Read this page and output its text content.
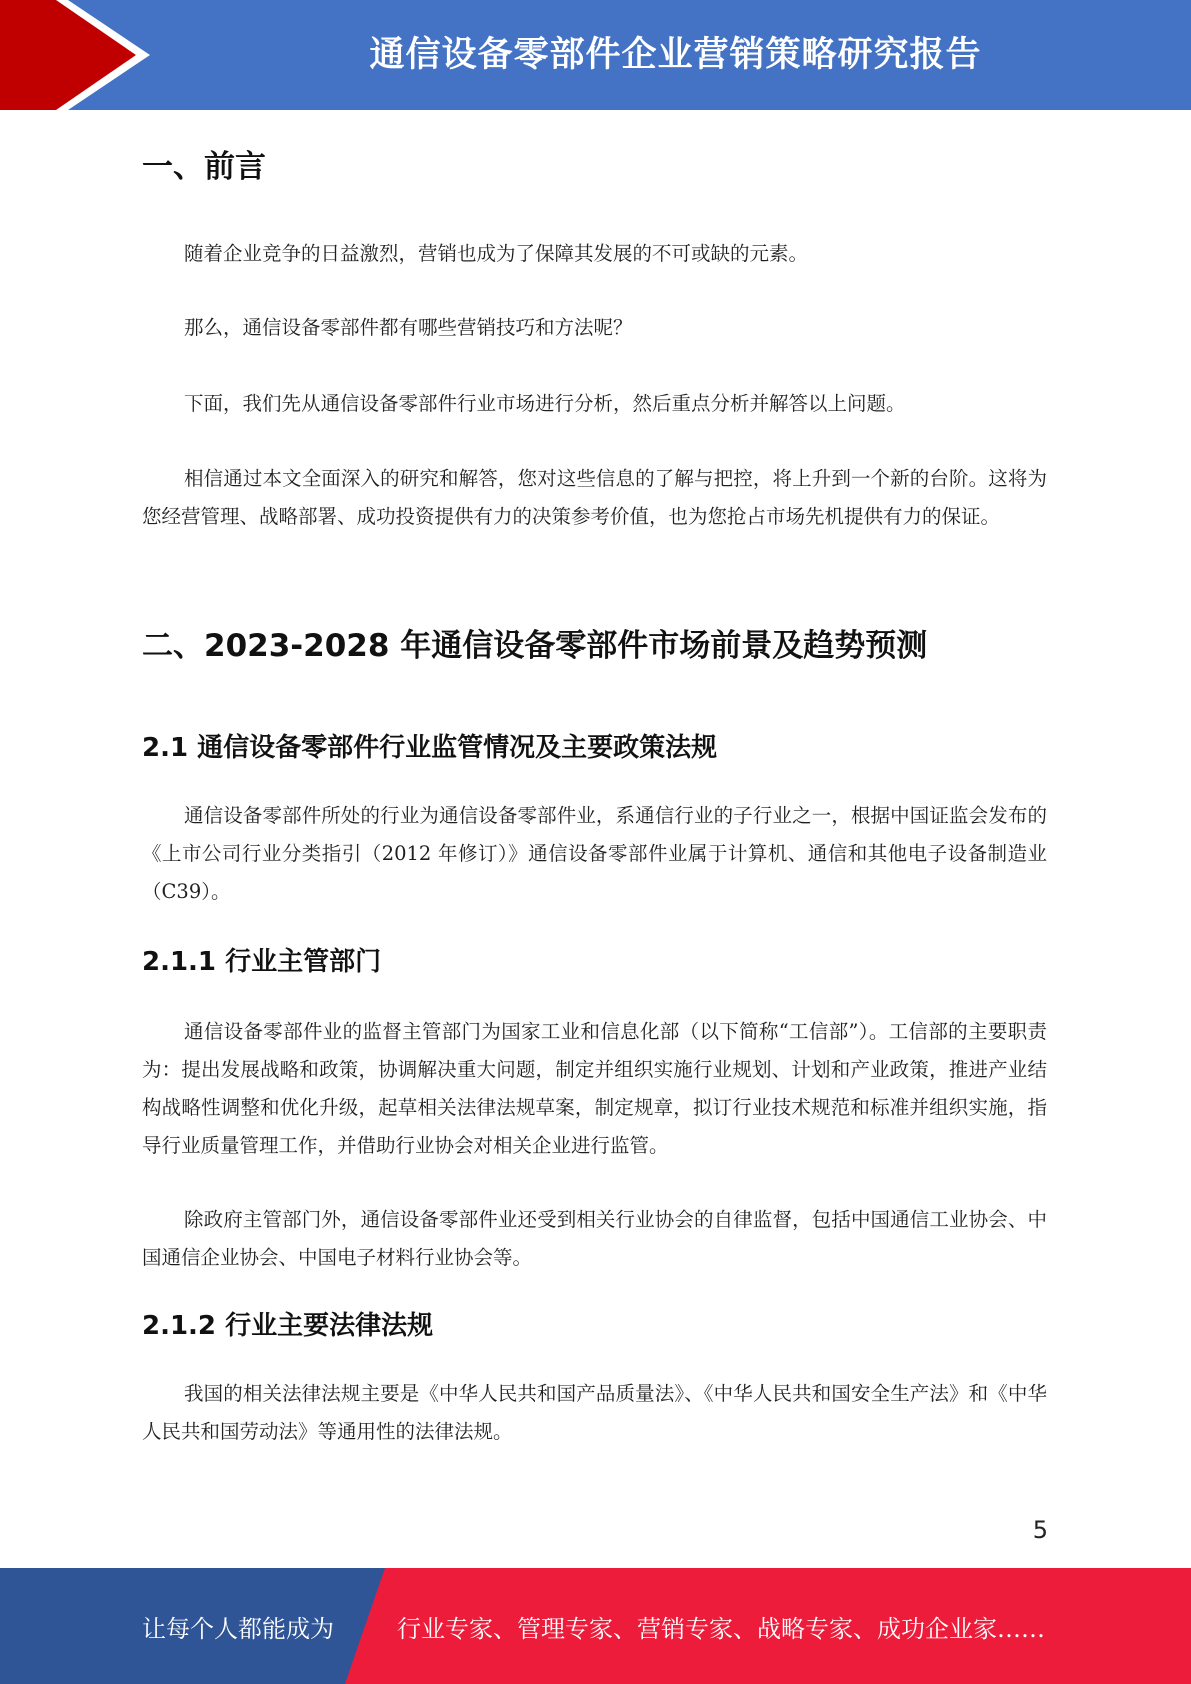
通信设备零部件企业营销策略研究报告
一、前言

随着企业竞争的日益激烈，营销也成为了保障其发展的不可或缺的元素。

那么，通信设备零部件都有哪些营销技巧和方法呢？

下面，我们先从通信设备零部件行业市场进行分析，然后重点分析并解答以上问题。

相信通过本文全面深入的研究和解答，您对这些信息的了解与把控，将上升到一个新的台阶。这将为您经营管理、战略部署、成功投资提供有力的决策参考价值，也为您抢占市场先机提供有力的保证。

二、2023-2028 年通信设备零部件市场前景及趋势预测
2.1 通信设备零部件行业监管情况及主要政策法规

通信设备零部件所处的行业为通信设备零部件业，系通信行业的子行业之一，根据中国证监会发布的《上市公司行业分类指引（2012 年修订）》通信设备零部件业属于计算机、通信和其他电子设备制造业（C39）。

2.1.1 行业主管部门

通信设备零部件业的监督主管部门为国家工业和信息化部（以下简称“工信部”）。工信部的主要职责为：提出发展战略和政策，协调解决重大问题，制定并组织实施行业规划、计划和产业政策，推进产业结构战略性调整和优化升级，起草相关法律法规草案，制定规章，拟订行业技术规范和标准并组织实施，指导行业质量管理工作，并借助行业协会对相关企业进行监管。

除政府主管部门外，通信设备零部件业还受到相关行业协会的自律监督，包括中国通信工业协会、中国通信企业协会、中国电子材料行业协会等。

2.1.2 行业主要法律法规

我国的相关法律法规主要是《中华人民共和国产品质量法》、《中华人民共和国安全生产法》和《中华人民共和国劳动法》等通用性的法律法规。

5
让每个人都能成为	行业专家、管理专家、营销专家、战略专家、成功企业家……
